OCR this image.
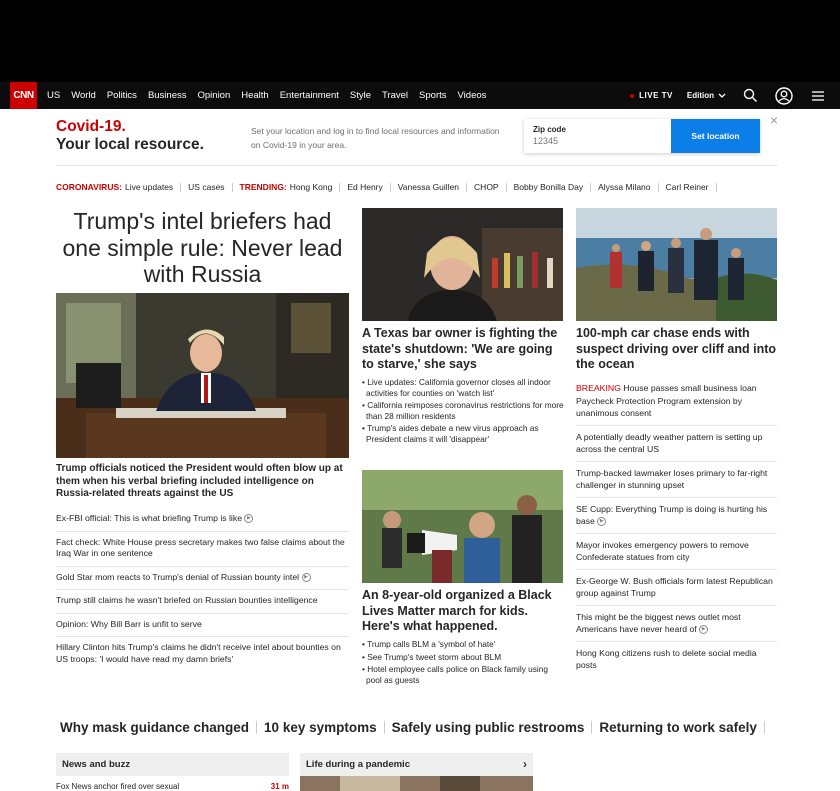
CNN	US World Politics Business Opinion Health Entertainment Style Travel Sports Videos	LIVE TV Edition
Covid-19.
Your local resource.
Set your location and log in to find local resources and information on Covid-19 in your area.
Zip code
12345
Set location
×
CORONAVIRUS: Live updates US cases TRENDING: Hong Kong Ed Henry Vanessa Guillen CHOP Bobby Bonilla Day Alyssa Milano Carl Reiner
Trump's intel briefers had one simple rule: Never lead with Russia
Trump officials noticed the President would often blow up at them when his verbal briefing included intelligence on Russia-related threats against the US
Ex-FBI official: This is what briefing Trump is like ▶
Fact check: White House press secretary makes two false claims about the Iraq War in one sentence
Gold Star mom reacts to Trump's denial of Russian bounty intel ▶
Trump still claims he wasn't briefed on Russian bounties intelligence
Opinion: Why Bill Barr is unfit to serve
Hillary Clinton hits Trump's claims he didn't receive intel about bounties on US troops: 'I would have read my damn briefs'
A Texas bar owner is fighting the state's shutdown: 'We are going to starve,' she says
• Live updates: California governor closes all indoor activities for counties on 'watch list'
• California reimposes coronavirus restrictions for more than 28 million residents
• Trump's aides debate a new virus approach as President claims it will 'disappear'
An 8-year-old organized a Black Lives Matter march for kids. Here's what happened.
• Trump calls BLM a 'symbol of hate'
• See Trump's tweet storm about BLM
• Hotel employee calls police on Black family using pool as guests
100-mph car chase ends with suspect driving over cliff and into the ocean
BREAKING House passes small business loan Paycheck Protection Program extension by unanimous consent
A potentially deadly weather pattern is setting up across the central US
Trump-backed lawmaker loses primary to far-right challenger in stunning upset
SE Cupp: Everything Trump is doing is hurting his base ▶
Mayor invokes emergency powers to remove Confederate statues from city
Ex-George W. Bush officials form latest Republican group against Trump
This might be the biggest news outlet most Americans have never heard of ▶
Hong Kong citizens rush to delete social media posts
Why mask guidance changed 10 key symptoms Safely using public restrooms Returning to work safely
News and buzz
Fox News anchor fired over sexual	31 m
Life during a pandemic	›
